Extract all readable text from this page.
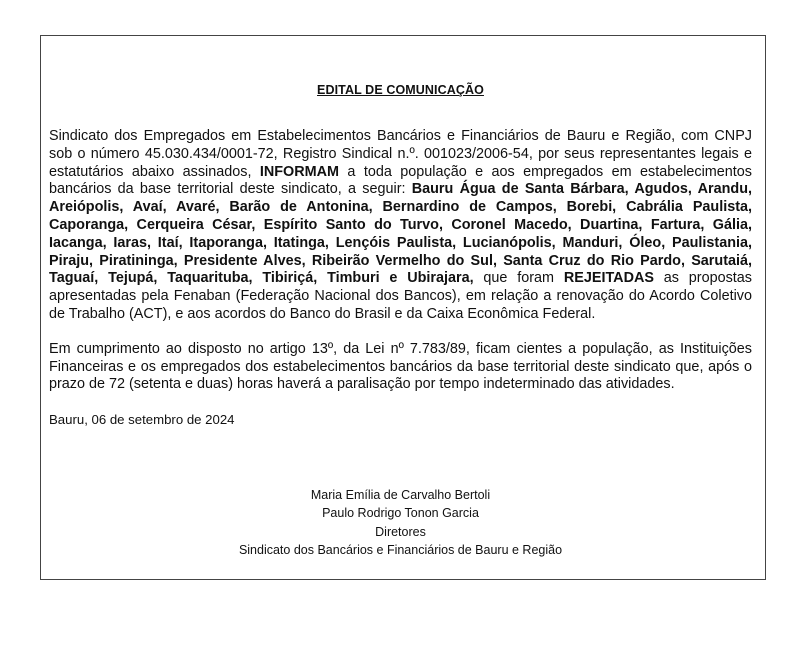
EDITAL DE COMUNICAÇÃO

Sindicato dos Empregados em Estabelecimentos Bancários e Financiários de Bauru e Região, com CNPJ sob o número 45.030.434/0001-72, Registro Sindical n.º. 001023/2006-54, por seus representantes legais e estatutários abaixo assinados, INFORMAM a toda população e aos empregados em estabelecimentos bancários da base territorial deste sindicato, a seguir: Bauru Água de Santa Bárbara, Agudos, Arandu, Areiópolis, Avaí, Avaré, Barão de Antonina, Bernardino de Campos, Borebi, Cabrália Paulista, Caporanga, Cerqueira César, Espírito Santo do Turvo, Coronel Macedo, Duartina, Fartura, Gália, Iacanga, Iaras, Itaí, Itaporanga, Itatinga, Lençóis Paulista, Lucianópolis, Manduri, Óleo, Paulistania, Piraju, Piratininga, Presidente Alves, Ribeirão Vermelho do Sul, Santa Cruz do Rio Pardo, Sarutaiá, Taguaí, Tejupá, Taquarituba, Tibiriçá, Timburi e Ubirajara, que foram REJEITADAS as propostas apresentadas pela Fenaban (Federação Nacional dos Bancos), em relação a renovação do Acordo Coletivo de Trabalho (ACT), e aos acordos do Banco do Brasil e da Caixa Econômica Federal.

Em cumprimento ao disposto no artigo 13º, da Lei nº 7.783/89, ficam cientes a população, as Instituições Financeiras e os empregados dos estabelecimentos bancários da base territorial deste sindicato que, após o prazo de 72 (setenta e duas) horas haverá a paralisação por tempo indeterminado das atividades.

Bauru, 06 de setembro de 2024
Maria Emília de Carvalho Bertoli
Paulo Rodrigo Tonon Garcia
Diretores
Sindicato dos Bancários e Financiários de Bauru e Região
